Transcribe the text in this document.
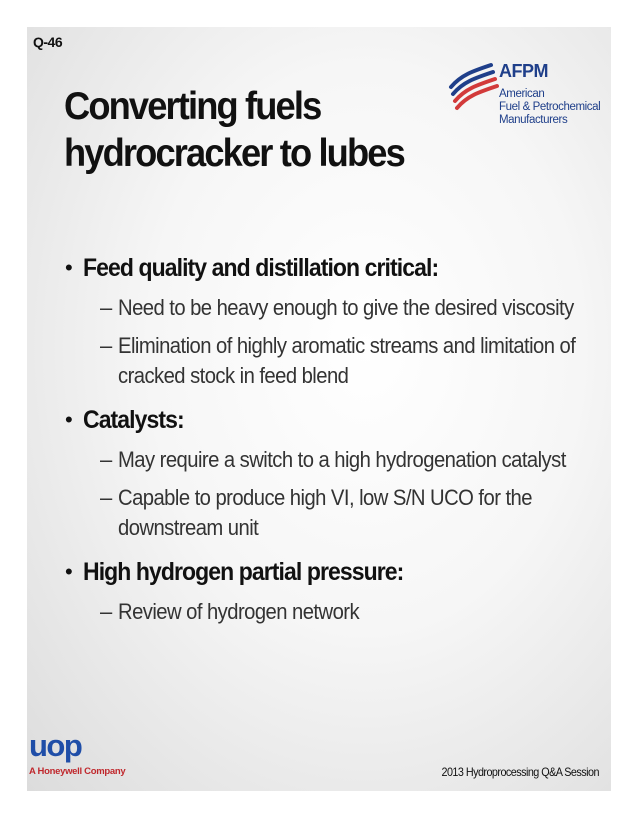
Q-46
Converting fuels
hydrocracker to lubes
AFPM
American
Fuel & Petrochemical
Manufacturers
• Feed quality and distillation critical:
– Need to be heavy enough to give the desired viscosity
– Elimination of highly aromatic streams and limitation of cracked stock in feed blend
• Catalysts:
– May require a switch to a high hydrogenation catalyst
– Capable to produce high VI, low S/N UCO for the downstream unit
• High hydrogen partial pressure:
– Review of hydrogen network
uop
A Honeywell Company	2013 Hydroprocessing Q&A Session
